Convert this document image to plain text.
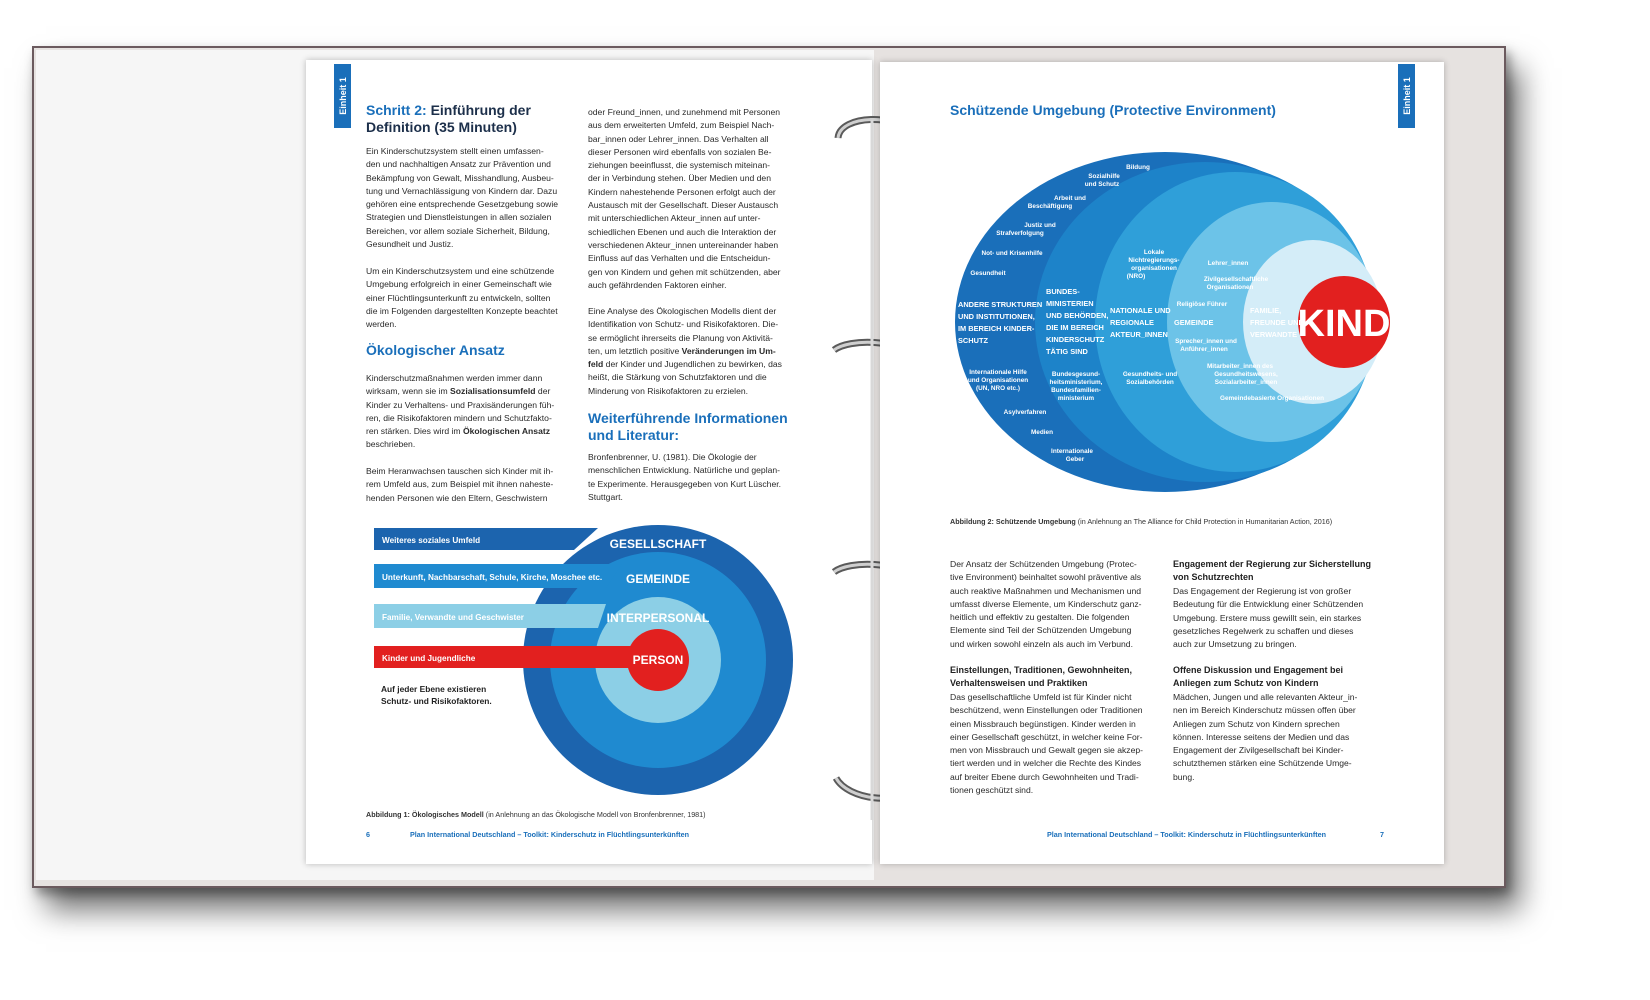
Einheit 1 Schritt 2: Einführung der
Definition (35 Minuten)
Ein Kinderschutzsystem stellt einen umfassen-
den und nachhaltigen Ansatz zur Prävention und
Bekämpfung von Gewalt, Misshandlung, Ausbeu-
tung und Vernachlässigung von Kindern dar. Dazu
gehören eine entsprechende Gesetzgebung sowie
Strategien und Dienstleistungen in allen sozialen
Bereichen, vor allem soziale Sicherheit, Bildung,
Gesundheit und Justiz.
Um ein Kinderschutzsystem und eine schützende
Umgebung erfolgreich in einer Gemeinschaft wie
einer Flüchtlingsunterkunft zu entwickeln, sollten
die im Folgenden dargestellten Konzepte beachtet
werden.
Ökologischer Ansatz
Kinderschutzmaßnahmen werden immer dann
wirksam, wenn sie im Sozialisationsumfeld der
Kinder zu Verhaltens- und Praxisänderungen füh-
ren, die Risikofaktoren mindern und Schutzfakto-
ren stärken. Dies wird im Ökologischen Ansatz
beschrieben.
Beim Heranwachsen tauschen sich Kinder mit ih-
rem Umfeld aus, zum Beispiel mit ihnen naheste-
henden Personen wie den Eltern, Geschwistern
oder Freund_innen, und zunehmend mit Personen
aus dem erweiterten Umfeld, zum Beispiel Nach-
bar_innen oder Lehrer_innen. Das Verhalten all
dieser Personen wird ebenfalls von sozialen Be-
ziehungen beeinflusst, die systemisch miteinan-
der in Verbindung stehen. Über Medien und den
Kindern nahestehende Personen erfolgt auch der
Austausch mit der Gesellschaft. Dieser Austausch
mit unterschiedlichen Akteur_innen auf unter-
schiedlichen Ebenen und auch die Interaktion der
verschiedenen Akteur_innen untereinander haben
Einfluss auf das Verhalten und die Entscheidun-
gen von Kindern und gehen mit schützenden, aber
auch gefährdenden Faktoren einher.
Eine Analyse des Ökologischen Modells dient der
Identifikation von Schutz- und Risikofaktoren. Die-
se ermöglicht ihrerseits die Planung von Aktivitä-
ten, um letztlich positive Veränderungen im Um-
feld der Kinder und Jugendlichen zu bewirken, das
heißt, die Stärkung von Schutzfaktoren und die
Minderung von Risikofaktoren zu erzielen.
Weiterführende Informationen
und Literatur:
Bronfenbrenner, U. (1981). Die Ökologie der
menschlichen Entwicklung. Natürliche und geplan-
te Experimente. Herausgegeben von Kurt Lüscher.
Stuttgart.
Weiteres soziales Umfeld
Unterkunft, Nachbarschaft, Schule, Kirche, Moschee etc.
Familie, Verwandte und Geschwister
Kinder und Jugendliche
GESELLSCHAFT
GEMEINDE
INTERPERSONAL
PERSON
Auf jeder Ebene existieren
Schutz- und Risikofaktoren.
Abbildung 1: Ökologisches Modell (in Anlehnung an das Ökologische Modell von Bronfenbrenner, 1981)
6	Plan International Deutschland – Toolkit: Kinderschutz in Flüchtlingsunterkünften
Einheit 1
Schützende Umgebung (Protective Environment)
Bildung
Sozialhilfe
und Schutz
Arbeit und
Beschäftigung
Justiz und
Strafverfolgung
Not- und Krisenhilfe
Gesundheit
Internationale Hilfe
und Organisationen
(UN, NRO etc.)
Asylverfahren
Medien
Internationale
Geber
ANDERE STRUKTUREN UND INSTITUTIONEN, IM BEREICH KINDER-SCHUTZ
BUNDES-MINISTERIEN UND BEHÖRDEN, DIE IM BEREICH KINDERSCHUTZ TÄTIG SIND
NATIONALE UND REGIONALE AKTEUR_INNEN
GEMEINDE
FAMILIE, FREUNDE UND VERWANDTE
Bundesgesund-
heitsministerium,
Bundesfamilien-
ministerium
Lokale
Nichtregierungs-
organisationen
(NRO)
Gesundheits- und
Sozialbehörden
Lehrer_innen
Zivilgesellschaftliche
Organisationen
Religiöse Führer
Sprecher_innen und
Anführer_innen
Mitarbeiter_innen des
Gesundheitswesens,
Sozialarbeiter_innen
Gemeindebasierte Organisationen
KIND
Abbildung 2: Schützende Umgebung (in Anlehnung an The Alliance for Child Protection in Humanitarian Action, 2016)
Der Ansatz der Schützenden Umgebung (Protec-
tive Environment) beinhaltet sowohl präventive als
auch reaktive Maßnahmen und Mechanismen und
umfasst diverse Elemente, um Kinderschutz ganz-
heitlich und effektiv zu gestalten. Die folgenden
Elemente sind Teil der Schützenden Umgebung
und wirken sowohl einzeln als auch im Verbund.
Einstellungen, Traditionen, Gewohnheiten,
Verhaltensweisen und Praktiken
Das gesellschaftliche Umfeld ist für Kinder nicht
beschützend, wenn Einstellungen oder Traditionen
einen Missbrauch begünstigen. Kinder werden in
einer Gesellschaft geschützt, in welcher keine For-
men von Missbrauch und Gewalt gegen sie akzep-
tiert werden und in welcher die Rechte des Kindes
auf breiter Ebene durch Gewohnheiten und Tradi-
tionen geschützt sind.
Engagement der Regierung zur Sicherstellung
von Schutzrechten
Das Engagement der Regierung ist von großer
Bedeutung für die Entwicklung einer Schützenden
Umgebung. Erstere muss gewillt sein, ein starkes
gesetzliches Regelwerk zu schaffen und dieses
auch zur Umsetzung zu bringen.
Offene Diskussion und Engagement bei
Anliegen zum Schutz von Kindern
Mädchen, Jungen und alle relevanten Akteur_in-
nen im Bereich Kinderschutz müssen offen über
Anliegen zum Schutz von Kindern sprechen
können. Interesse seitens der Medien und das
Engagement der Zivilgesellschaft bei Kinder-
schutzthemen stärken eine Schützende Umge-
bung.
Plan International Deutschland – Toolkit: Kinderschutz in Flüchtlingsunterkünften	7
